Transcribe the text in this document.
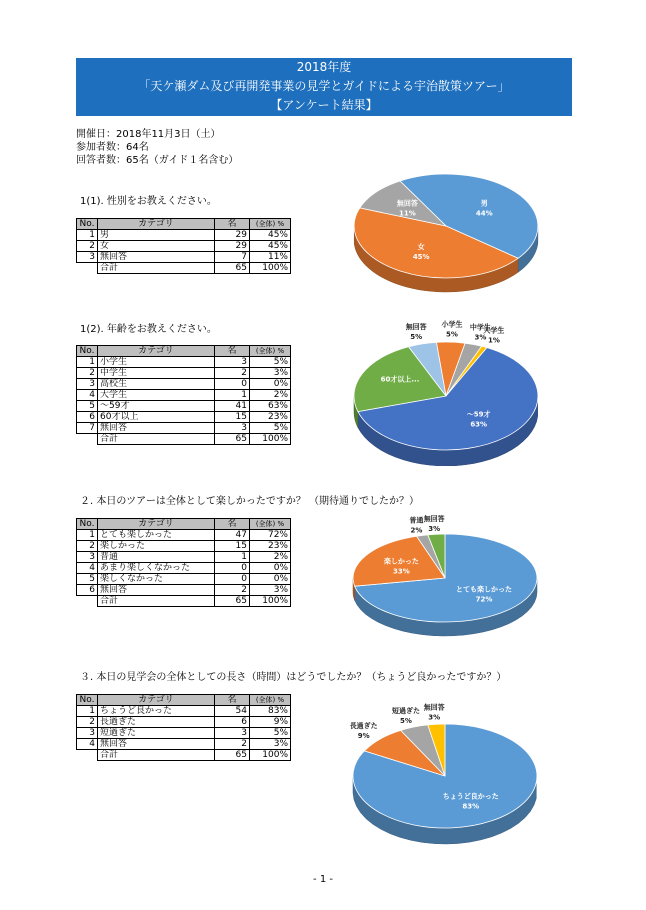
2018年度
「天ケ瀬ダム及び再開発事業の見学とガイドによる宇治散策ツアー」
【アンケート結果】
開催日：2018年11月3日（土）
参加者数：64名
回答者数：65名（ガイド１名含む）
1(1). 性別をお教えください。
No.	カテゴリ	名	(全体) %
1	男	29	45%
2	女	29	45%
3	無回答	7	11%
	合計	65	100%
男
44%
女
45%
無回答
11%
1(2). 年齢をお教えください。
No.	カテゴリ	名	(全体) %
1	小学生	3	5%
2	中学生	2	3%
3	高校生	0	0%
4	大学生	1	2%
5	～59才	41	63%
6	60才以上	15	23%
7	無回答	3	5%
	合計	65	100%
小学生
5%
中学生
3%
大学生
1%
～59才
63%
60才以上...
無回答
5%
２. 本日のツアーは全体として楽しかったですか？ （期待通りでしたか？）
No.	カテゴリ	名	(全体) %
1	とても楽しかった	47	72%
2	楽しかった	15	23%
3	普通	1	2%
4	あまり楽しくなかった	0	0%
5	楽しくなかった	0	0%
6	無回答	2	3%
	合計	65	100%
とても楽しかった
72%
楽しかった
33%
普通
2%
無回答
3%
３. 本日の見学会の全体としての長さ（時間）はどうでしたか？（ちょうど良かったですか？）
No.	カテゴリ	名	(全体) %
1	ちょうど良かった	54	83%
2	長過ぎた	6	9%
3	短過ぎた	3	5%
4	無回答	2	3%
	合計	65	100%
ちょうど良かった
83%
長過ぎた
9%
短過ぎた
5%
無回答
3%
- 1 -
